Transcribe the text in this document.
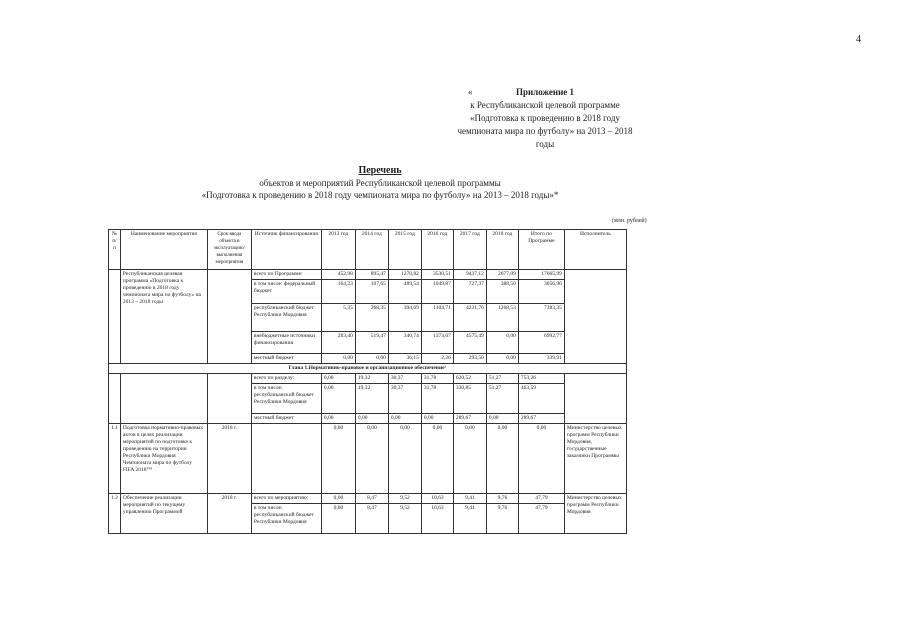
4
«	Приложение 1
к Республиканской целевой программе
«Подготовка к проведению в 2018 году
чемпионата мира по футболу» на 2013 – 2018
годы
Перечень
объектов и мероприятий Республиканской целевой программы
«Подготовка к проведению в 2018 году чемпионата мира по футболу» на 2013 – 2018 годы»*
(млн. рублей)
№ п/п	Наименование мероприятия	Срок ввода объекта в эксплуатацию/ выполнения мероприятия	Источник финансирования	2013 год	2014 год	2015 год	2016 год	2017 год	2018 год	Итого по Программе	Исполнитель
	Республиканская целевая программа «Подготовка к проведению в 2018 году чемпионата мира по футболу» на 2013 – 2018 годы		всего по Программе:	452,98	895,47	1270,82	3530,51	9437,12	2677,09	17665,99	
			в том числе: федеральный бюджет	164,23	107,65	489,54	1049,87	727,37	388,50	3056,96	
			республиканский бюджет Республики Мордовия	5,35	268,35	394,69	1104,71	4231,76	1268,53	7383,35	
			внебюджетные источники финансирования	283,40	519,47	340,74	1373,67	4575,49	0,00	6992,77	
			местный бюджет	0,00	0,00	36,15	2,26	293,50	0,00	339,91	
Глава 1.Нормативно-правовое и организационное обеспечение¹											
			всего по разделу:	0,00	19,32	30,37	31,78	620,52	51,27	753,26	
			в том числе: республиканский бюджет Республики Мордовия	0,00	19,32	30,37	31,78	330,85	51,27	463,59	
			местный бюджет	0,00	0,00	0,00	0,00	289,67	0,00	289,67	
1.1	Подготовка нормативно-правовых актов в целях реализации мероприятий по подготовке к проведению на территории Республики Мордовия Чемпионата мира по футболу FIFA 2018™	2018 г.		0,00	0,00	0,00	0,00	0,00	0,00	0,00	Министерство целевых программ Республики Мордовия, государственные заказчики Программы
1.2	Обеспечение реализации мероприятий по текущему управлению Программой	2018 г.	всего по мероприятию:	0,00	8,47	9,52	10,63	9,41	9,76	47,79	Министерство целевых программ Республики Мордовия
			в том числе: республиканский бюджет Республики Мордовия	0,00	8,47	9,52	10,63	9,41	9,76	47,79	
